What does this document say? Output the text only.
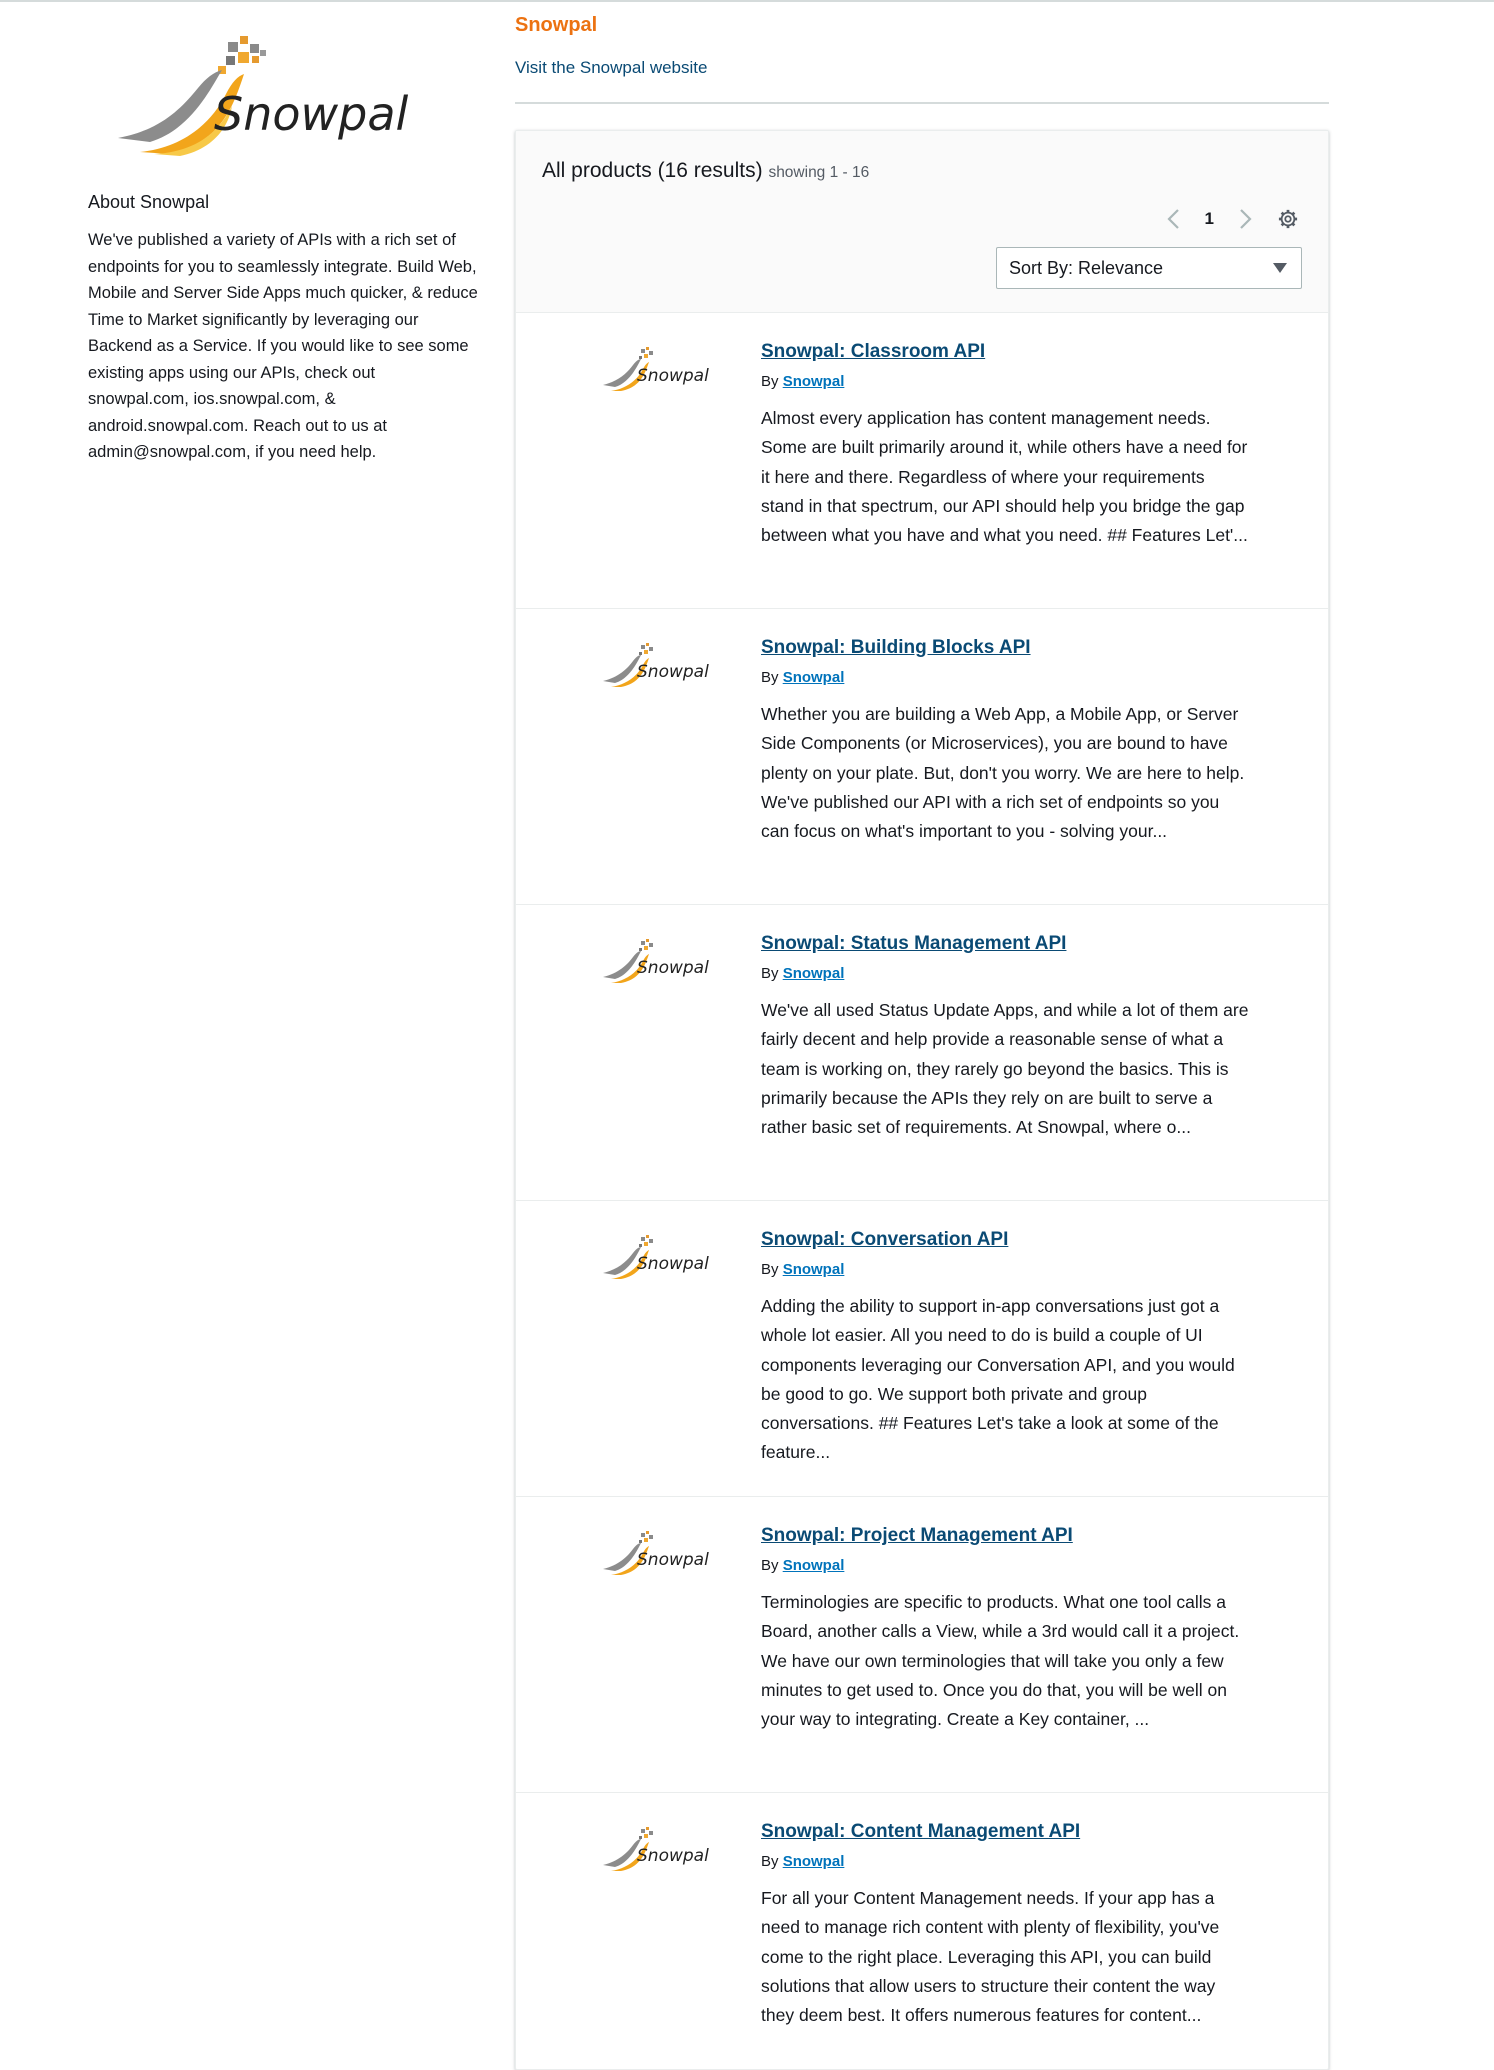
Snowpal
About Snowpal
We've published a variety of APIs with a rich set of endpoints for you to seamlessly integrate. Build Web, Mobile and Server Side Apps much quicker, & reduce Time to Market significantly by leveraging our Backend as a Service. If you would like to see some existing apps using our APIs, check out snowpal.com, ios.snowpal.com, & android.snowpal.com. Reach out to us at admin@snowpal.com, if you need help.
Snowpal
Visit the Snowpal website
All products (16 results) showing 1 - 16
1
Sort By: Relevance
Snowpal
Snowpal: Classroom API
By Snowpal
Almost every application has content management needs. Some are built primarily around it, while others have a need for it here and there. Regardless of where your requirements stand in that spectrum, our API should help you bridge the gap between what you have and what you need. ## Features Let'...
Snowpal
Snowpal: Building Blocks API
By Snowpal
Whether you are building a Web App, a Mobile App, or Server Side Components (or Microservices), you are bound to have plenty on your plate. But, don't you worry. We are here to help. We've published our API with a rich set of endpoints so you can focus on what's important to you - solving your...
Snowpal
Snowpal: Status Management API
By Snowpal
We've all used Status Update Apps, and while a lot of them are fairly decent and help provide a reasonable sense of what a team is working on, they rarely go beyond the basics. This is primarily because the APIs they rely on are built to serve a rather basic set of requirements. At Snowpal, where o...
Snowpal
Snowpal: Conversation API
By Snowpal
Adding the ability to support in-app conversations just got a whole lot easier. All you need to do is build a couple of UI components leveraging our Conversation API, and you would be good to go. We support both private and group conversations. ## Features Let's take a look at some of the feature...
Snowpal
Snowpal: Project Management API
By Snowpal
Terminologies are specific to products. What one tool calls a Board, another calls a View, while a 3rd would call it a project. We have our own terminologies that will take you only a few minutes to get used to. Once you do that, you will be well on your way to integrating. Create a Key container, ...
Snowpal
Snowpal: Content Management API
By Snowpal
For all your Content Management needs. If your app has a need to manage rich content with plenty of flexibility, you've come to the right place. Leveraging this API, you can build solutions that allow users to structure their content the way they deem best. It offers numerous features for content...
